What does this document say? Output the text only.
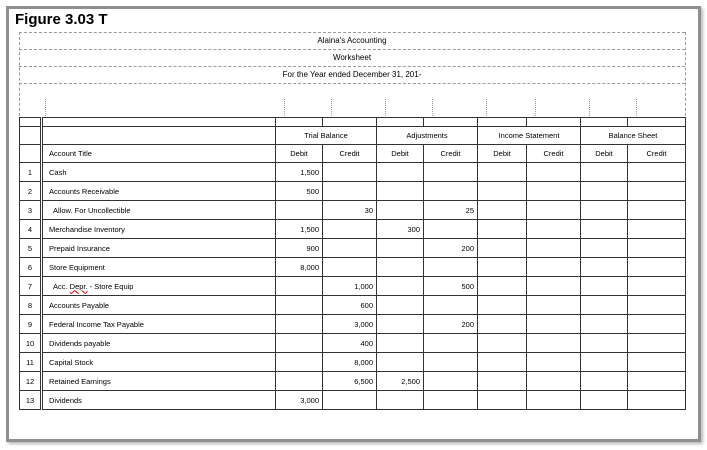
Figure 3.03 T
Alaina's Accounting
Worksheet
For the Year ended December 31, 201-

		Trial Balance		Adjustments		Income Statement		Balance Sheet	
	Account Title	Debit	Credit	Debit	Credit	Debit	Credit	Debit	Credit
1	Cash	1,500							
2	Accounts Receivable	500							
3	Allow. For Uncollectible		30		25				
4	Merchandise Inventory	1,500		300					
5	Prepaid Insurance	900			200				
6	Store Equipment	8,000							
7	Acc. Depr. - Store Equip		1,000		500				
8	Accounts Payable		600						
9	Federal Income Tax Payable		3,000		200				
10	Dividends payable		400						
11	Capital Stock		8,000						
12	Retained Earnings		6,500	2,500					
13	Dividends	3,000							
